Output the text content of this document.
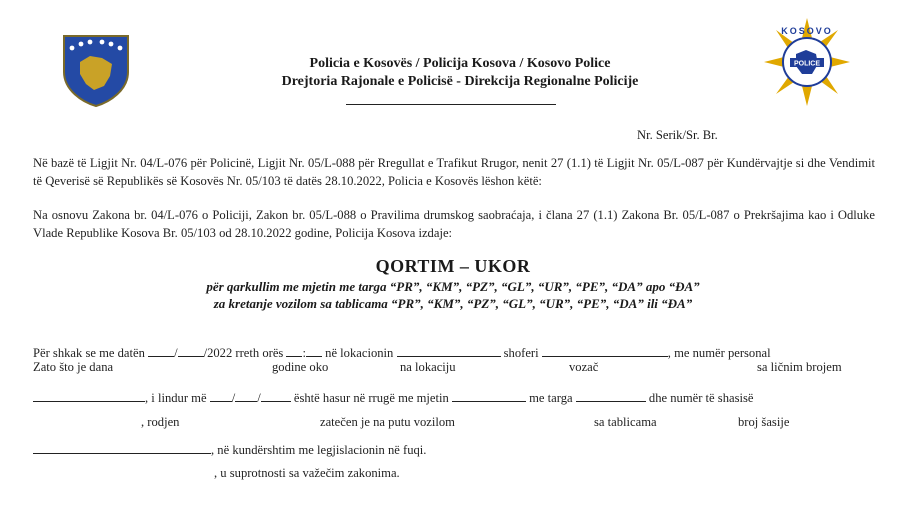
POLICE
KOSOVO
Policia e Kosovës / Policija Kosova / Kosovo Police
Drejtoria Rajonale e Policisë - Direkcija Regionalne Policije
Nr. Serik/Sr. Br.
Në bazë të Ligjit Nr. 04/L-076 për Policinë, Ligjit Nr. 05/L-088 për Rregullat e Trafikut Rrugor, nenit 27 (1.1) të Ligjit Nr. 05/L-087 për Kundërvajtje si dhe Vendimit të Qeverisë së Republikës së Kosovës Nr. 05/103 të datës 28.10.2022, Policia e Kosovës lëshon këtë:
Na osnovu Zakona br. 04/L-076 o Policiji, Zakon br. 05/L-088 o Pravilima drumskog saobraćaja, i člana 27 (1.1) Zakona Br. 05/L-087 o Prekršajima kao i Odluke Vlade Republike Kosova Br. 05/103 od 28.10.2022 godine, Policija Kosova izdaje:
QORTIM – UKOR
për qarkullim me mjetin me targa “PR”, “KM”, “PZ”, “GL”, “UR”, “PE”, “DA” apo “ĐA”
za kretanje vozilom sa tablicama “PR”, “KM”, “PZ”, “GL”, “UR”, “PE”, “DA” ili “ĐA”
Për shkak se me datën / /2022 rreth orës : në lokacionin	shoferi	, me numër personal
Zato što je dana	godine oko	na lokaciju	vozač	sa ličnim brojem
, i lindur më / /	është hasur në rrugë me mjetin	me targa	dhe numër të shasisë
, rodjen	zatečen je na putu vozilom	sa tablicama	broj šasije
, në kundërshtim me legjislacionin në fuqi.
, u suprotnosti sa važečim zakonima.
